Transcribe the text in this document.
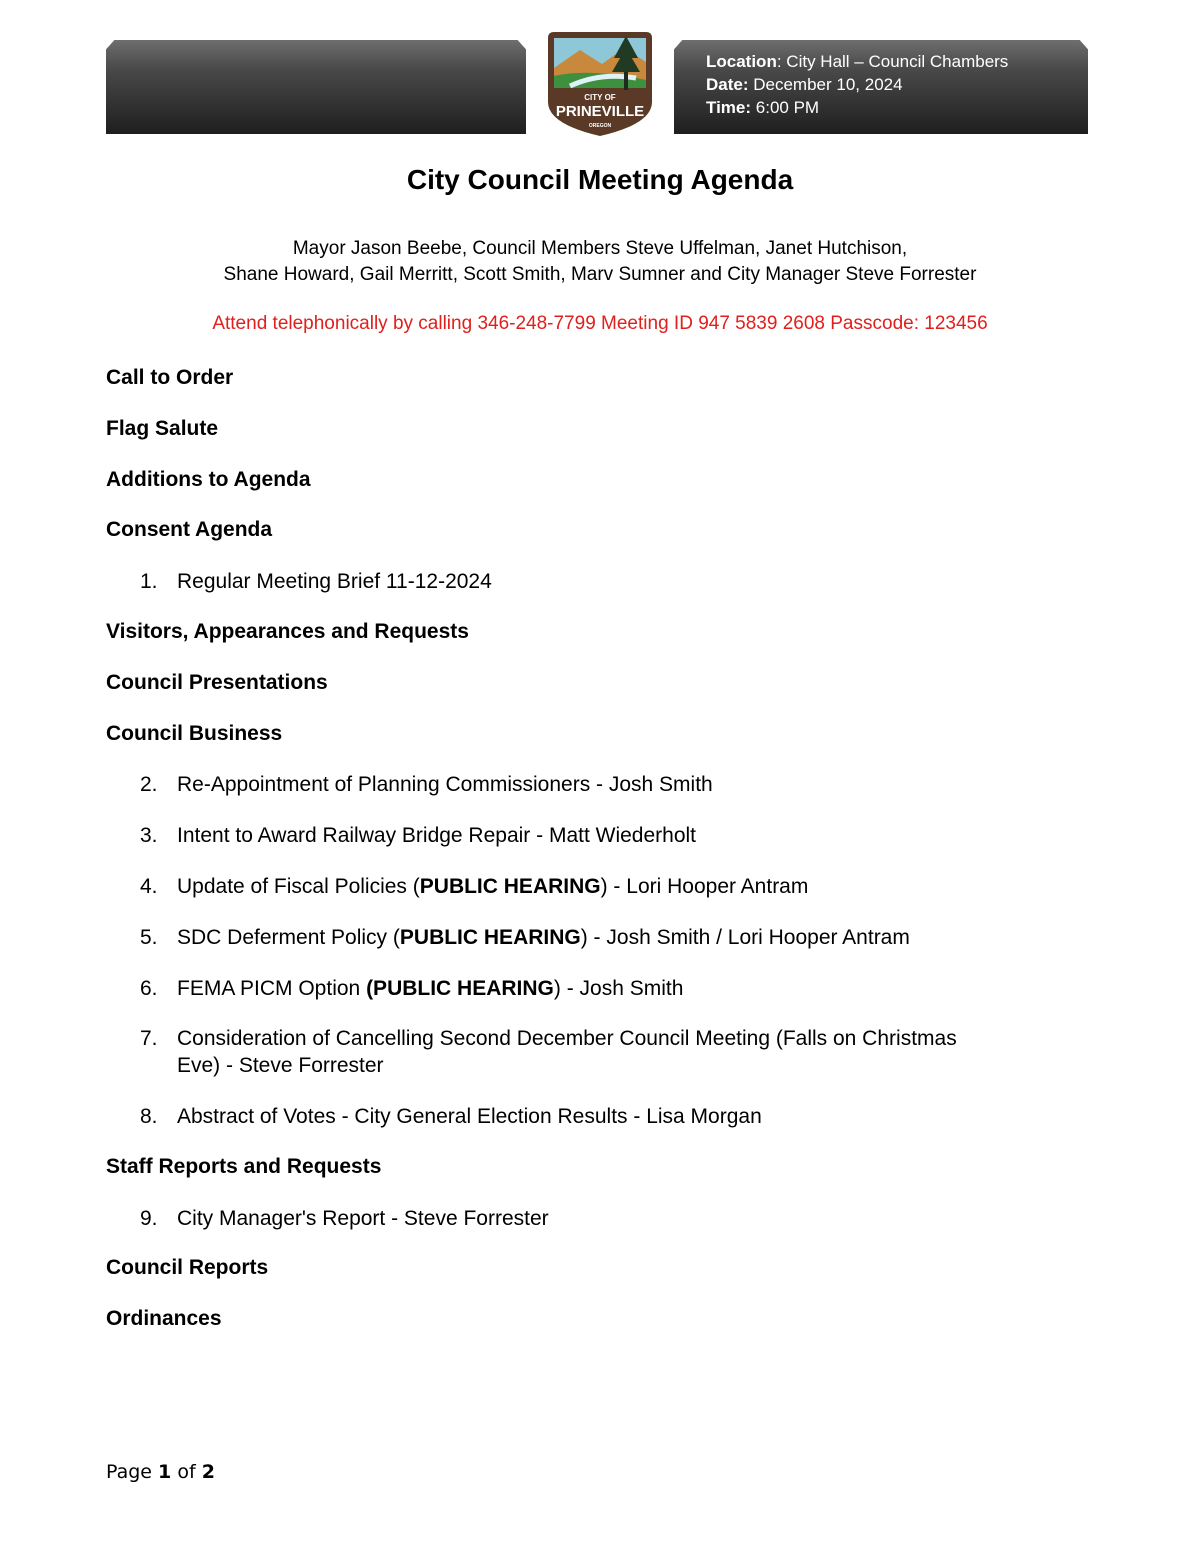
CITY OF
PRINEVILLE
OREGON
Location: City Hall – Council Chambers
Date: December 10, 2024
Time: 6:00 PM
City Council Meeting Agenda
Mayor Jason Beebe, Council Members Steve Uffelman, Janet Hutchison,
Shane Howard, Gail Merritt, Scott Smith, Marv Sumner and City Manager Steve Forrester
Attend telephonically by calling 346-248-7799 Meeting ID 947 5839 2608 Passcode: 123456
Call to Order
Flag Salute
Additions to Agenda
Consent Agenda
1. Regular Meeting Brief 11-12-2024
Visitors, Appearances and Requests
Council Presentations
Council Business
2. Re-Appointment of Planning Commissioners - Josh Smith
3. Intent to Award Railway Bridge Repair - Matt Wiederholt
4. Update of Fiscal Policies (PUBLIC HEARING) - Lori Hooper Antram
5. SDC Deferment Policy (PUBLIC HEARING) - Josh Smith / Lori Hooper Antram
6. FEMA PICM Option (PUBLIC HEARING) - Josh Smith
7. Consideration of Cancelling Second December Council Meeting (Falls on Christmas
Eve) - Steve Forrester
8. Abstract of Votes - City General Election Results - Lisa Morgan
Staff Reports and Requests
9. City Manager's Report - Steve Forrester
Council Reports
Ordinances
Page 1 of 2
